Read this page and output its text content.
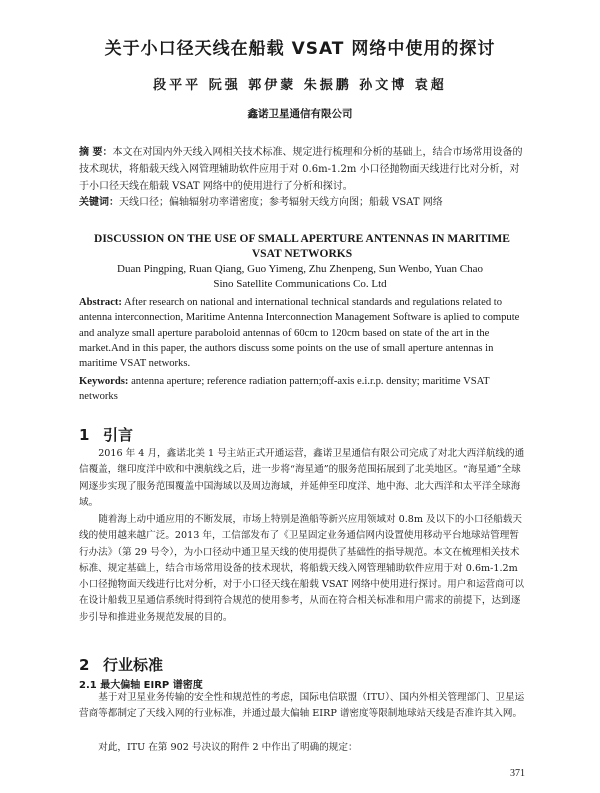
关于小口径天线在船载 VSAT 网络中使用的探讨
段平平 阮强 郭伊蒙 朱振鹏 孙文博 袁超
鑫诺卫星通信有限公司
摘 要：本文在对国内外天线入网相关技术标准、规定进行梳理和分析的基础上，结合市场常用设备的技术现状，将船载天线入网管理辅助软件应用于对 0.6m-1.2m 小口径抛物面天线进行比对分析，对于小口径天线在船载 VSAT 网络中的使用进行了分析和探讨。
关键词：天线口径；偏轴辐射功率谱密度；参考辐射天线方向图；船载 VSAT 网络
DISCUSSION ON THE USE OF SMALL APERTURE ANTENNAS IN MARITIME VSAT NETWORKS
Duan Pingping, Ruan Qiang, Guo Yimeng, Zhu Zhenpeng, Sun Wenbo, Yuan Chao
Sino Satellite Communications Co. Ltd
Abstract: After research on national and international technical standards and regulations related to antenna interconnection, Maritime Antenna Interconnection Management Software is aplied to compute and analyze small aperture paraboloid antennas of 60cm to 120cm based on state of the art in the market.And in this paper, the authors discuss some points on the use of small aperture antennas in maritime VSAT networks.
Keywords: antenna aperture; reference radiation pattern;off-axis e.i.r.p. density; maritime VSAT networks
1 引言
2016 年 4 月，鑫诺北美 1 号主站正式开通运营，鑫诺卫星通信有限公司完成了对北大西洋航线的通信覆盖，继印度洋中欧和中澳航线之后，进一步将“海星通”的服务范围拓展到了北美地区。“海星通”全球网逐步实现了服务范围覆盖中国海域以及周边海域，并延伸至印度洋、地中海、北大西洋和太平洋全球海域。
随着海上动中通应用的不断发展，市场上特别是渔船等新兴应用领域对 0.8m 及以下的小口径船载天线的使用越来越广泛。2013 年，工信部发布了《卫星固定业务通信网内设置使用移动平台地球站管理暂行办法》（第 29 号令），为小口径动中通卫星天线的使用提供了基础性的指导规范。本文在梳理相关技术标准、规定基础上，结合市场常用设备的技术现状，将船载天线入网管理辅助软件应用于对 0.6m-1.2m 小口径抛物面天线进行比对分析，对于小口径天线在船载 VSAT 网络中使用进行探讨。用户和运营商可以在设计船载卫星通信系统时得到符合规范的使用参考，从而在符合相关标准和用户需求的前提下，达到逐步引导和推进业务规范发展的目的。
2 行业标准
2.1 最大偏轴 EIRP 谱密度
基于对卫星业务传输的安全性和规范性的考虑，国际电信联盟（ITU）、国内外相关管理部门、卫星运营商等都制定了天线入网的行业标准，并通过最大偏轴 EIRP 谱密度等限制地球站天线是否准许其入网。
对此，ITU 在第 902 号决议的附件 2 中作出了明确的规定：
371
